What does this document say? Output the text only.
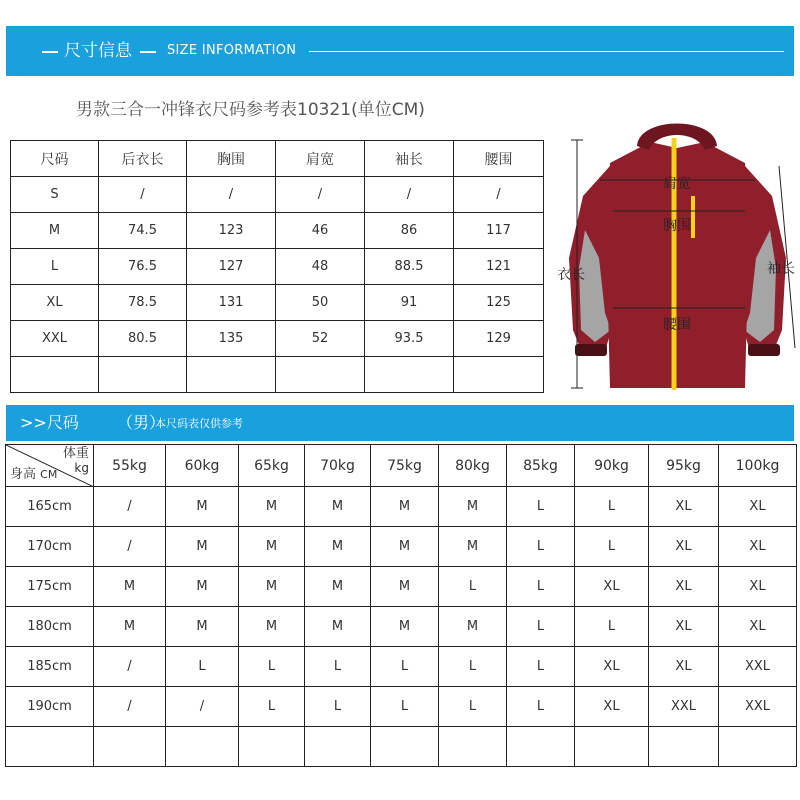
尺寸信息	SIZE INFORMATION
男款三合一冲锋衣尺码参考表10321(单位CM)
尺码	后衣长	胸围	肩宽	袖长	腰围
S	/	/	/	/	/
M	74.5	123	46	86	117
L	76.5	127	48	88.5	121
XL	78.5	131	50	91	125
XXL	80.5	135	52	93.5	129

肩宽
胸围
腰围
衣长	袖长
>>尺码 （男）
本尺码表仅供参考
体重
kg
身高 CM	55kg	60kg	65kg	70kg	75kg	80kg	85kg	90kg	95kg	100kg
165cm	/	M	M	M	M	M	L	L	XL	XL
170cm	/	M	M	M	M	M	L	L	XL	XL
175cm	M	M	M	M	M	L	L	XL	XL	XL
180cm	M	M	M	M	M	M	L	L	XL	XL
185cm	/	L	L	L	L	L	L	XL	XL	XXL
190cm	/	/	L	L	L	L	L	XL	XXL	XXL
